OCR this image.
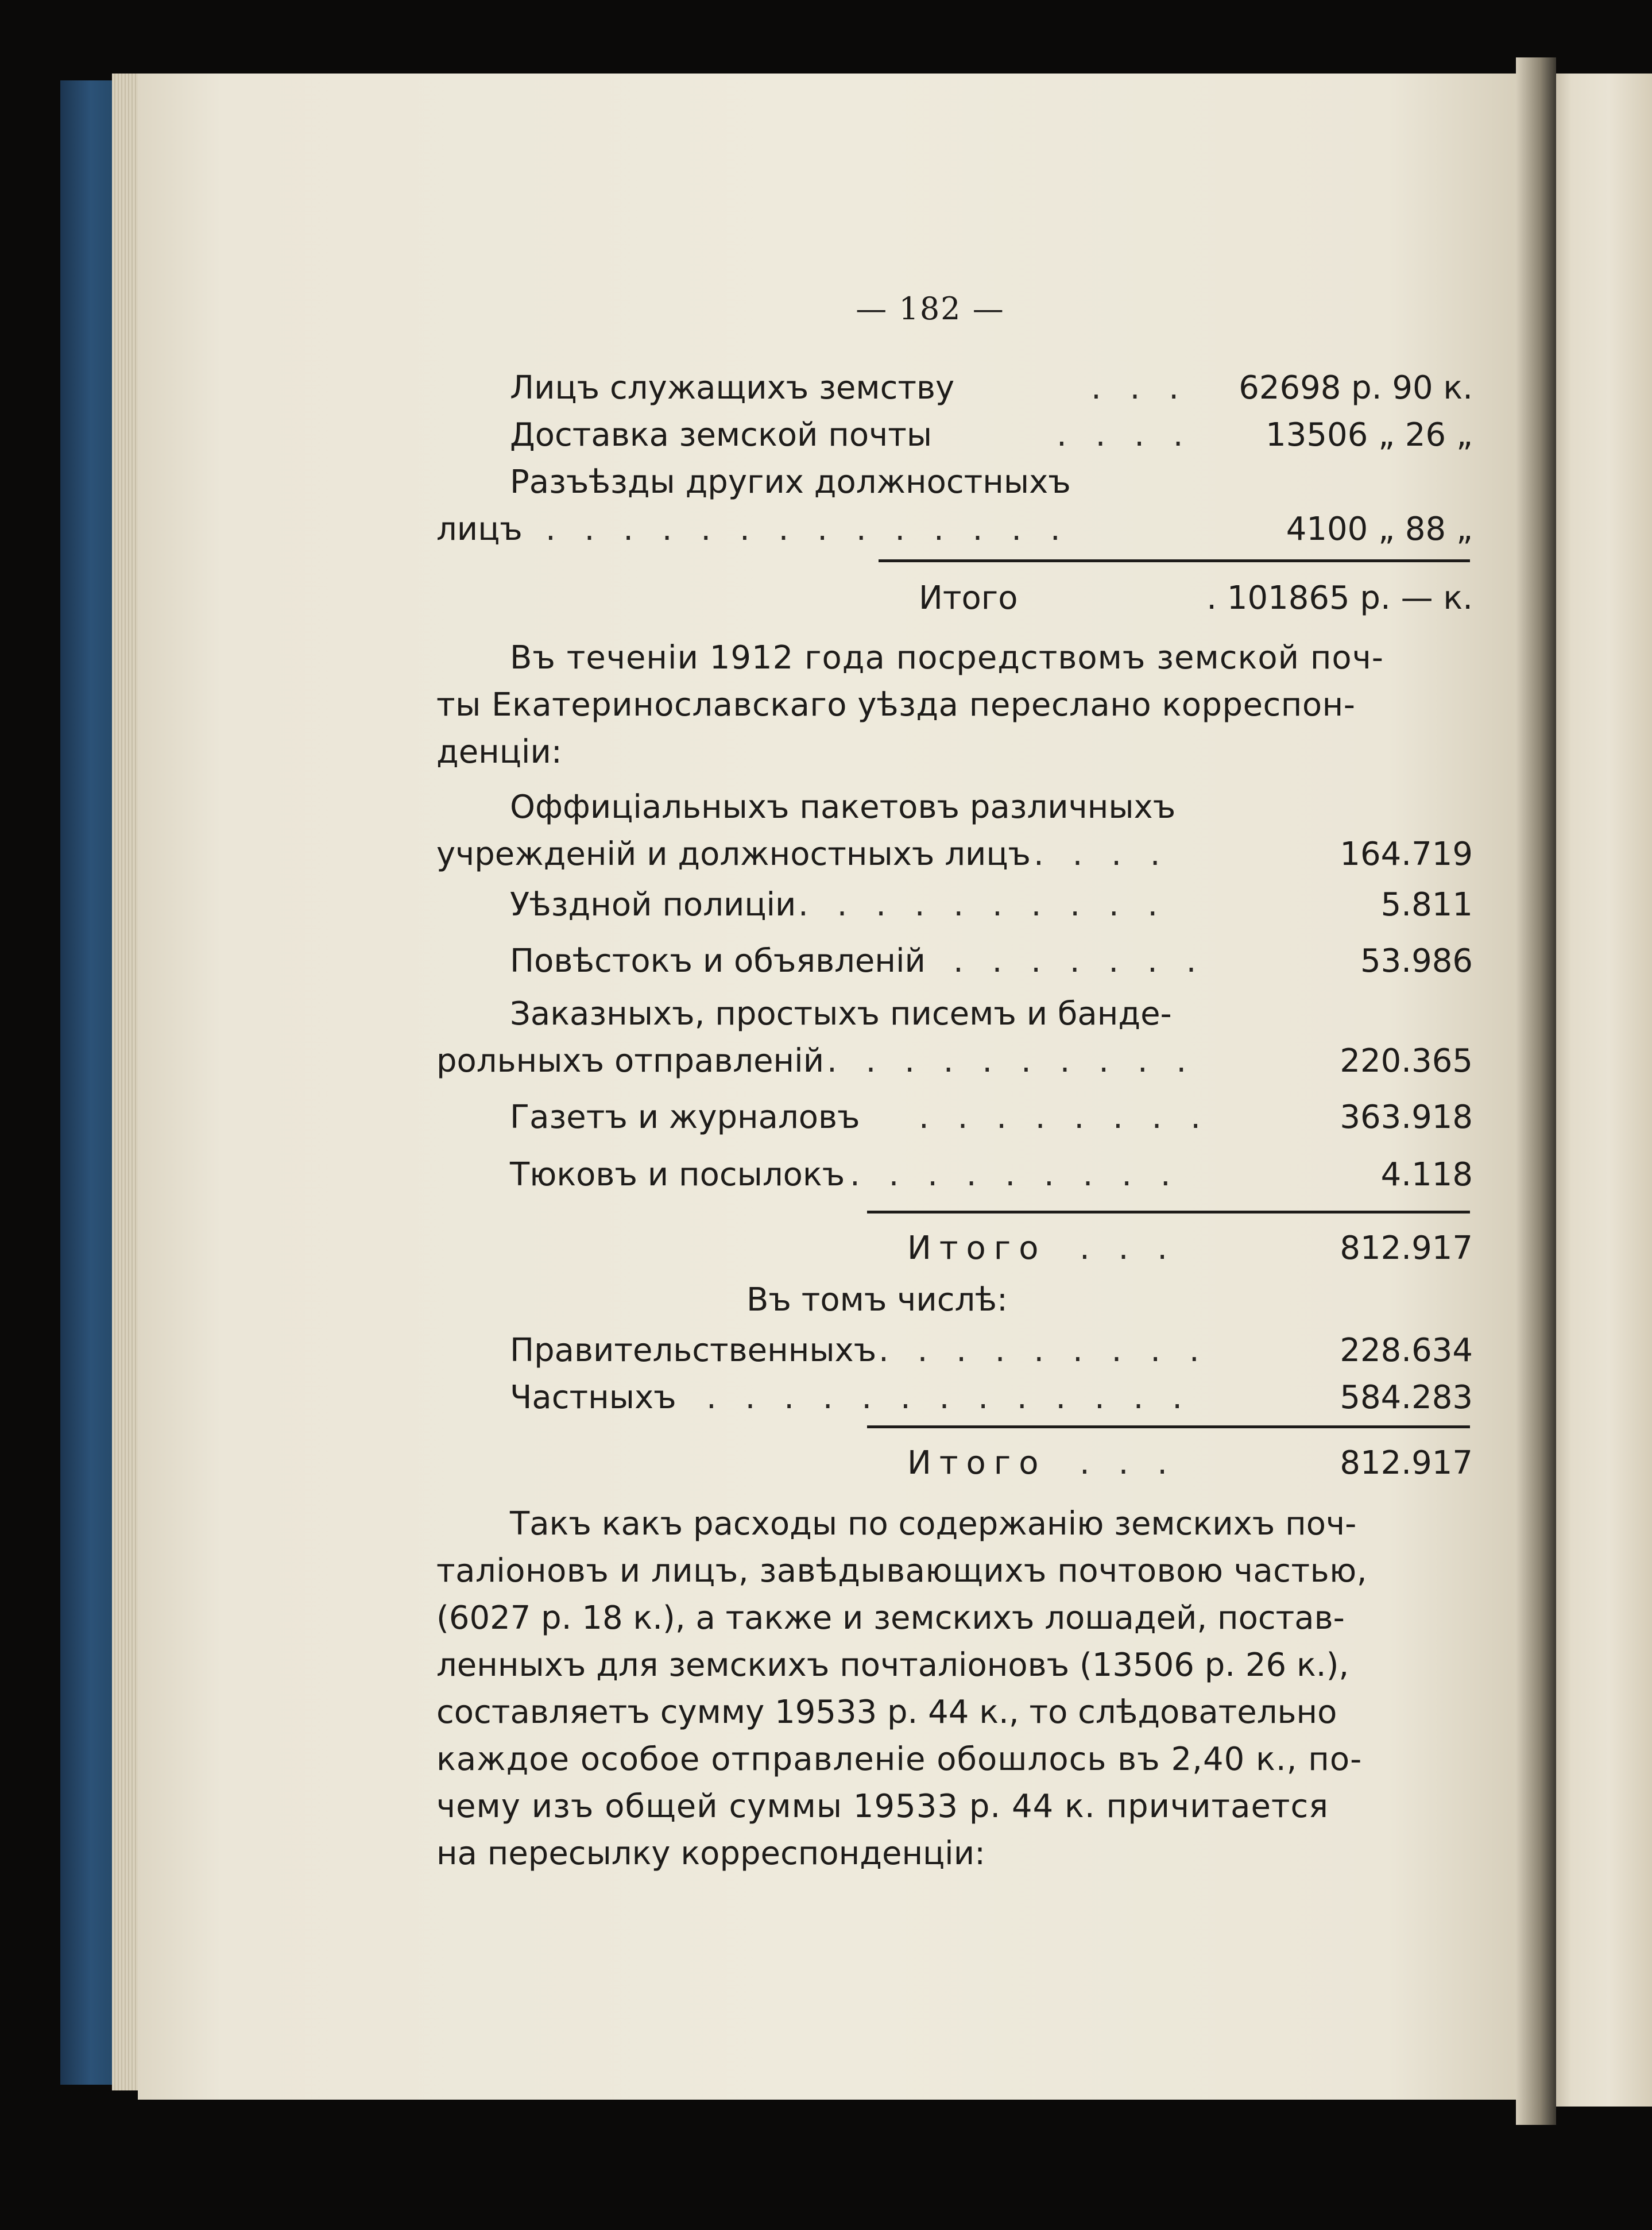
— 182 —
Лицъ служащихъ земству	. . . 62698 р. 90 к.
Доставка земской почты	. . . . 13506 „ 26 „
Разъѣзды других должностныхъ
лицъ . . . . . . . . . . . . . .	4100 „ 88 „
Итого	. 101865 р. — к.
Въ теченіи 1912 года посредствомъ земской поч-
ты Екатеринославскаго уѣзда переслано корреспон-
денціи:
Оффиціальныхъ пакетовъ различныхъ
учрежденій и должностныхъ лицъ . . . .	164.719
Уѣздной полиціи . . . . . . . . . .	5.811
Повѣстокъ и объявленій . . . . . . .	53.986
Заказныхъ, простыхъ писемъ и банде-
рольныхъ отправленій . . . . . . . . . .	220.365
Газетъ и журналовъ . . . . . . . .	363.918
Тюковъ и посылокъ . . . . . . . . .	4.118
Итого . . .	812.917
Въ томъ числѣ:
Правительственныхъ . . . . . . . . .	228.634
Частныхъ . . . . . . . . . . . . .	584.283
Итого . . .	812.917
Такъ какъ расходы по содержанію земскихъ поч-
таліоновъ и лицъ, завѣдывающихъ почтовою частью,
(6027 р. 18 к.), а также и земскихъ лошадей, постав-
ленныхъ для земскихъ почталіоновъ (13506 р. 26 к.),
составляетъ сумму 19533 р. 44 к., то слѣдовательно
каждое особое отправленіе обошлось въ 2,40 к., по-
чему изъ общей суммы 19533 р. 44 к. причитается
на пересылку корреспонденціи:
